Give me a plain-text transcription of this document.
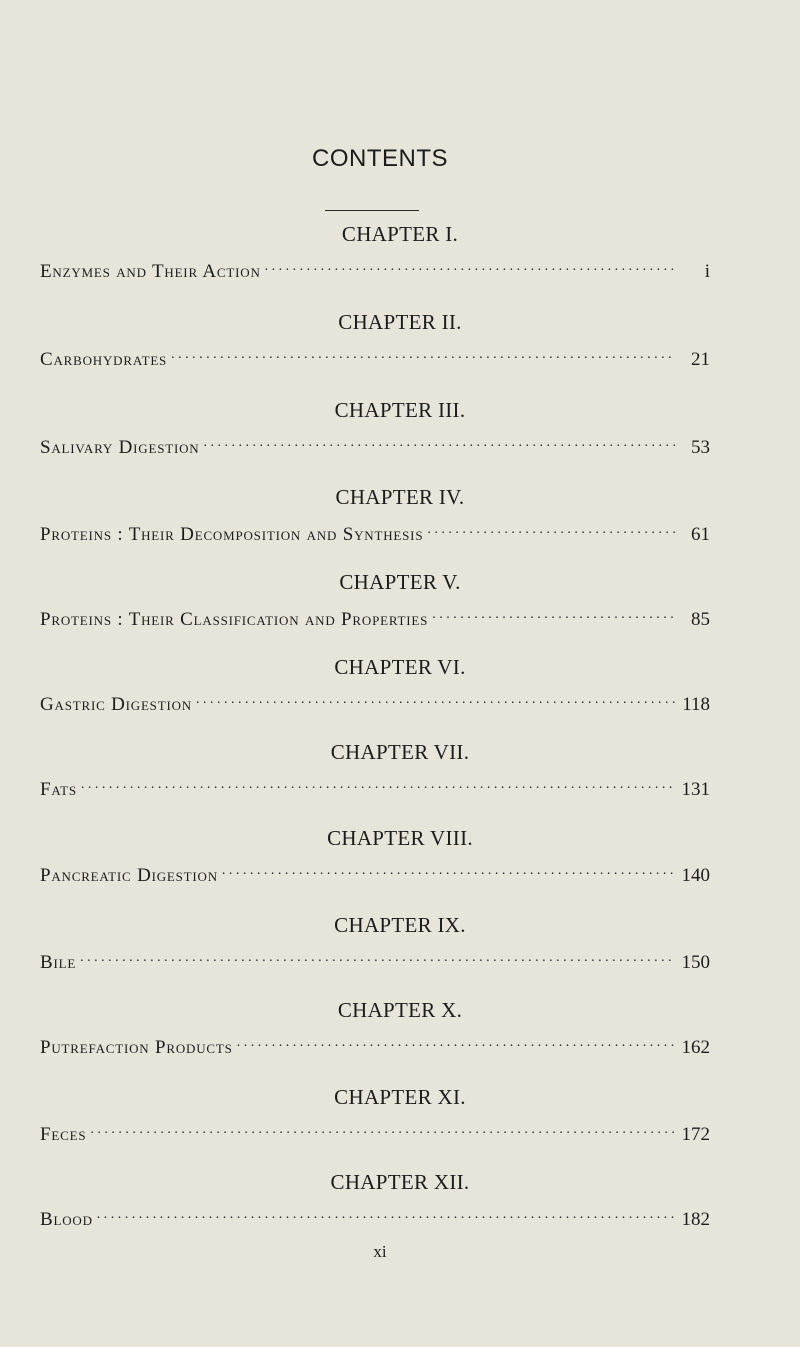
CONTENTS
CHAPTER I.
Enzymes and Their Action . . .	i
CHAPTER II.
Carbohydrates . . .	21
CHAPTER III.
Salivary Digestion . . .	53
CHAPTER IV.
Proteins : Their Decomposition and Synthesis . . .	61
CHAPTER V.
Proteins : Their Classification and Properties . . .	85
CHAPTER VI.
Gastric Digestion . . .	118
CHAPTER VII.
Fats . . .	131
CHAPTER VIII.
Pancreatic Digestion . . .	140
CHAPTER IX.
Bile . . .	150
CHAPTER X.
Putrefaction Products . . .	162
CHAPTER XI.
Feces . . .	172
CHAPTER XII.
Blood . . .	182
xi
